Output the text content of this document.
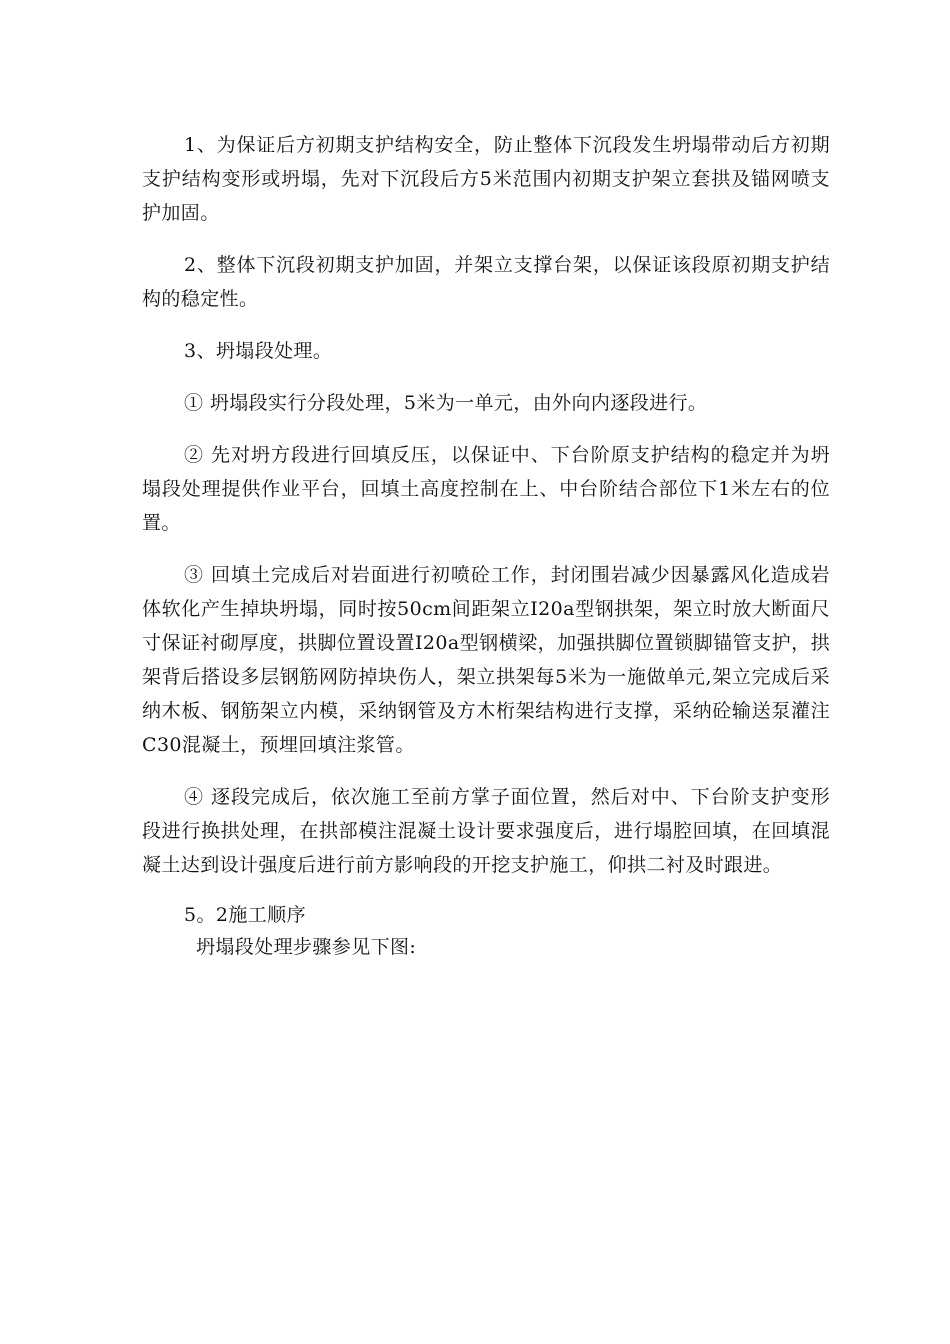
1、为保证后方初期支护结构安全，防止整体下沉段发生坍塌带动后方初期支护结构变形或坍塌，先对下沉段后方5米范围内初期支护架立套拱及锚网喷支护加固。

2、整体下沉段初期支护加固，并架立支撑台架，以保证该段原初期支护结构的稳定性。

3、坍塌段处理。

① 坍塌段实行分段处理，5米为一单元，由外向内逐段进行。

② 先对坍方段进行回填反压，以保证中、下台阶原支护结构的稳定并为坍塌段处理提供作业平台，回填土高度控制在上、中台阶结合部位下1米左右的位置。

③ 回填土完成后对岩面进行初喷砼工作，封闭围岩减少因暴露风化造成岩体软化产生掉块坍塌，同时按50cm间距架立I20a型钢拱架，架立时放大断面尺寸保证衬砌厚度，拱脚位置设置I20a型钢横梁，加强拱脚位置锁脚锚管支护，拱架背后搭设多层钢筋网防掉块伤人，架立拱架每5米为一施做单元,架立完成后采纳木板、钢筋架立内模，采纳钢管及方木桁架结构进行支撑，采纳砼输送泵灌注C30混凝土，预埋回填注浆管。

④ 逐段完成后，依次施工至前方掌子面位置，然后对中、下台阶支护变形段进行换拱处理，在拱部模注混凝土设计要求强度后，进行塌腔回填，在回填混凝土达到设计强度后进行前方影响段的开挖支护施工，仰拱二衬及时跟进。

5。2施工顺序

坍塌段处理步骤参见下图:
